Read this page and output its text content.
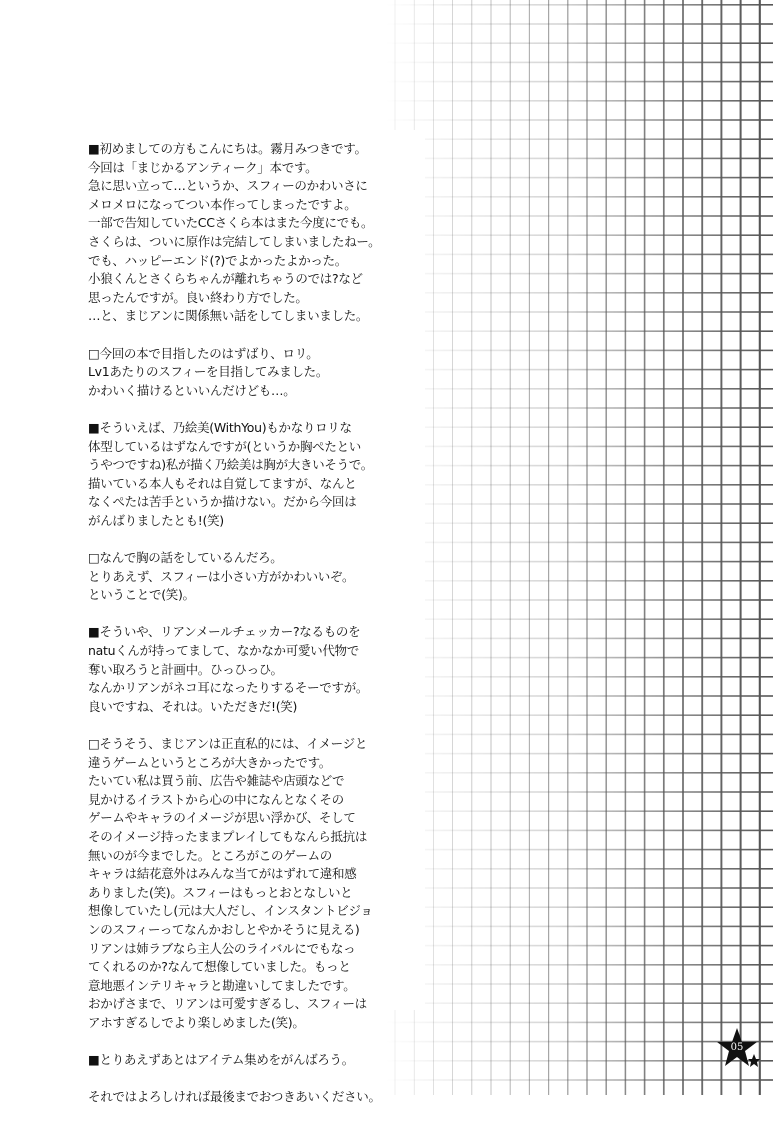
■初めましての方もこんにちは。霧月みつきです。
今回は「まじかるアンティーク」本です。
急に思い立って…というか、スフィーのかわいさに
メロメロになってつい本作ってしまったですよ。
一部で告知していたCCさくら本はまた今度にでも。
さくらは、ついに原作は完結してしまいましたねー。
でも、ハッピーエンド(?)でよかったよかった。
小狼くんとさくらちゃんが離れちゃうのでは?など
思ったんですが。良い終わり方でした。
…と、まじアンに関係無い話をしてしまいました。
□今回の本で目指したのはずばり、ロリ。
Lv1あたりのスフィーを目指してみました。
かわいく描けるといいんだけども…。
■そういえば、乃絵美(WithYou)もかなりロリな
体型しているはずなんですが(というか胸ぺたとい
うやつですね)私が描く乃絵美は胸が大きいそうで。
描いている本人もそれは自覚してますが、なんと
なくぺたは苦手というか描けない。だから今回は
がんばりましたとも!(笑)
□なんで胸の話をしているんだろ。
とりあえず、スフィーは小さい方がかわいいぞ。
ということで(笑)。
■そういや、リアンメールチェッカー?なるものを
natuくんが持ってまして、なかなか可愛い代物で
奪い取ろうと計画中。ひっひっひ。
なんかリアンがネコ耳になったりするそーですが。
良いですね、それは。いただきだ!(笑)
□そうそう、まじアンは正直私的には、イメージと
違うゲームというところが大きかったです。
たいてい私は買う前、広告や雑誌や店頭などで
見かけるイラストから心の中になんとなくその
ゲームやキャラのイメージが思い浮かび、そして
そのイメージ持ったままプレイしてもなんら抵抗は
無いのが今までした。ところがこのゲームの
キャラは結花意外はみんな当てがはずれて違和感
ありました(笑)。スフィーはもっとおとなしいと
想像していたし(元は大人だし、インスタントビジョ
ンのスフィーってなんかおしとやかそうに見える)
リアンは姉ラブなら主人公のライバルにでもなっ
てくれるのか?なんて想像していました。もっと
意地悪インテリキャラと勘違いしてましたです。
おかげさまで、リアンは可愛すぎるし、スフィーは
アホすぎるしでより楽しめました(笑)。
■とりあえずあとはアイテム集めをがんばろう。
それではよろしければ最後までおつきあいください。
05
